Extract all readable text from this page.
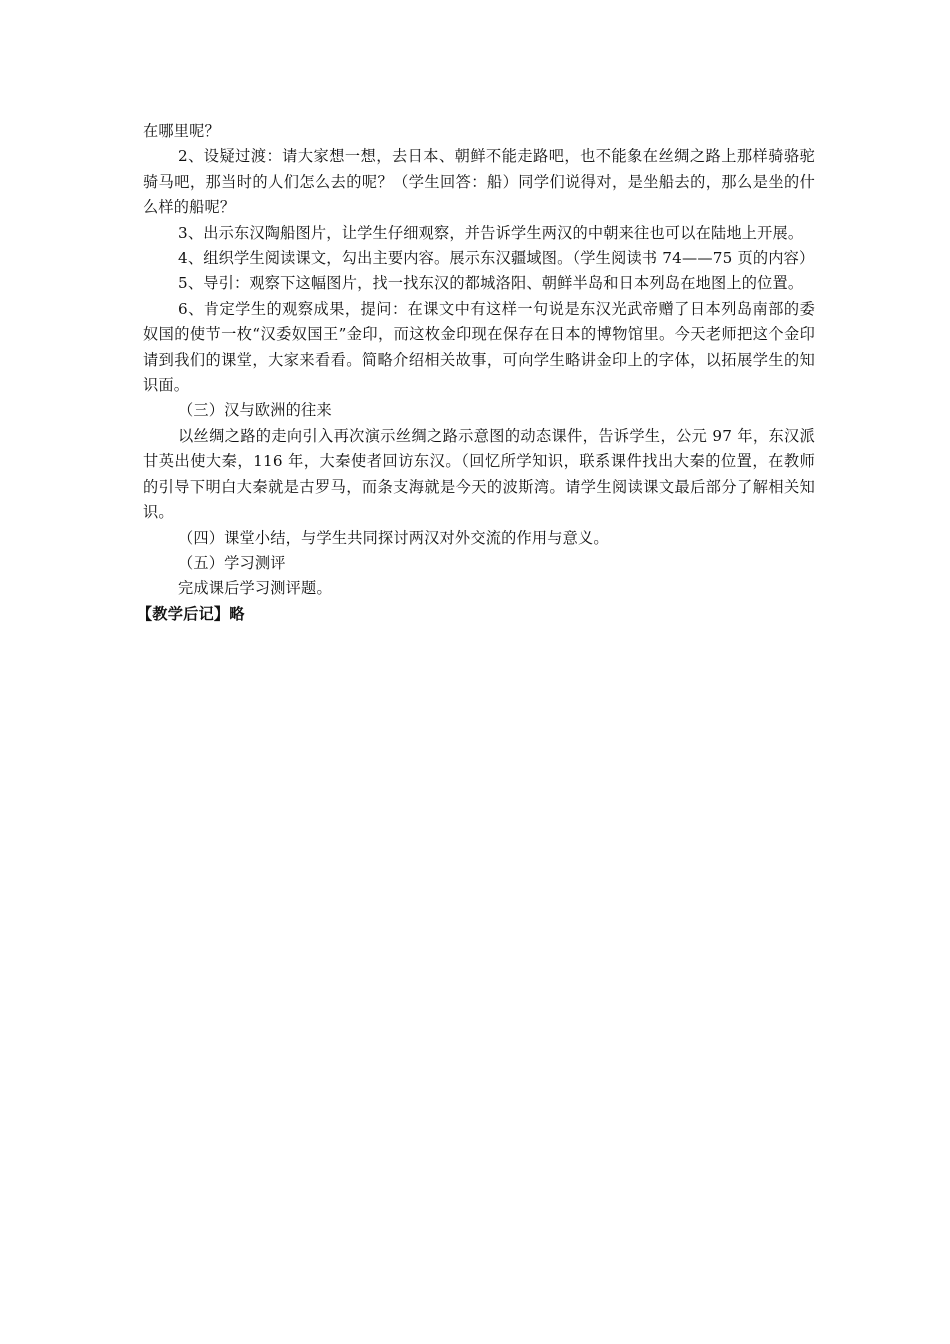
在哪里呢？

2、设疑过渡：请大家想一想，去日本、朝鲜不能走路吧，也不能象在丝绸之路上那样骑骆驼骑马吧，那当时的人们怎么去的呢？（学生回答：船）同学们说得对，是坐船去的，那么是坐的什么样的船呢？

3、出示东汉陶船图片，让学生仔细观察，并告诉学生两汉的中朝来往也可以在陆地上开展。

4、组织学生阅读课文，勾出主要内容。展示东汉疆域图。（学生阅读书 74——75 页的内容）

5、导引：观察下这幅图片，找一找东汉的都城洛阳、朝鲜半岛和日本列岛在地图上的位置。

6、肯定学生的观察成果，提问：在课文中有这样一句说是东汉光武帝赠了日本列岛南部的委奴国的使节一枚“汉委奴国王”金印，而这枚金印现在保存在日本的博物馆里。今天老师把这个金印请到我们的课堂，大家来看看。简略介绍相关故事，可向学生略讲金印上的字体，以拓展学生的知识面。

（三）汉与欧洲的往来

以丝绸之路的走向引入再次演示丝绸之路示意图的动态课件，告诉学生，公元 97 年，东汉派甘英出使大秦，116 年，大秦使者回访东汉。（回忆所学知识，联系课件找出大秦的位置，在教师的引导下明白大秦就是古罗马，而条支海就是今天的波斯湾。请学生阅读课文最后部分了解相关知识。

（四）课堂小结，与学生共同探讨两汉对外交流的作用与意义。

（五）学习测评

完成课后学习测评题。

【教学后记】略
